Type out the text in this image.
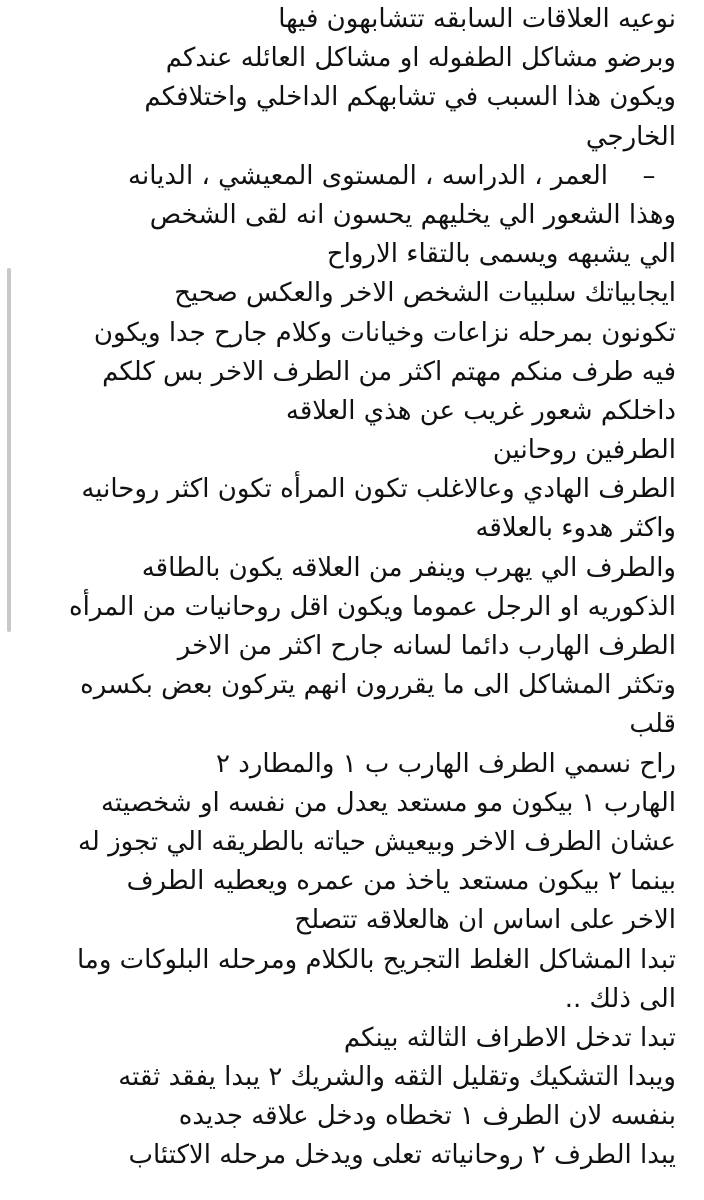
نوعيه العلاقات السابقه تتشابهون فيها
وبرضو مشاكل الطفوله او مشاكل العائله عندكم
ويكون هذا السبب في تشابهكم الداخلي واختلافكم
الخارجي
–
العمر ، الدراسه ، المستوى المعيشي ، الديانه
وهذا الشعور الي يخليهم يحسون انه لقى الشخص
الي يشبهه ويسمى بالتقاء الارواح
ايجابياتك سلبيات الشخص الاخر والعكس صحيح
تكونون بمرحله نزاعات وخيانات وكلام جارح جدا ويكون
فيه طرف منكم مهتم اكثر من الطرف الاخر بس كلكم
داخلكم شعور غريب عن هذي العلاقه
الطرفين روحانين
الطرف الهادي وعالاغلب تكون المرأه تكون اكثر روحانيه
واكثر هدوء بالعلاقه
والطرف الي يهرب وينفر من العلاقه يكون بالطاقه
الذكوريه او الرجل عموما ويكون اقل روحانيات من المرأه
الطرف الهارب دائما لسانه جارح اكثر من الاخر
وتكثر المشاكل الى ما يقررون انهم يتركون بعض بكسره
قلب
راح نسمي الطرف الهارب ب ١ والمطارد ٢
الهارب ١ بيكون مو مستعد يعدل من نفسه او شخصيته
عشان الطرف الاخر وبيعيش حياته بالطريقه الي تجوز له
بينما ٢ بيكون مستعد ياخذ من عمره ويعطيه الطرف
الاخر على اساس ان هالعلاقه تتصلح
تبدا المشاكل الغلط التجريح بالكلام ومرحله البلوكات وما
الى ذلك ..
تبدا تدخل الاطراف الثالثه بينكم
ويبدا التشكيك وتقليل الثقه والشريك ٢ يبدا يفقد ثقته
بنفسه لان الطرف ١ تخطاه ودخل علاقه جديده
يبدا الطرف ٢ روحانياته تعلى ويدخل مرحله الاكتئاب
